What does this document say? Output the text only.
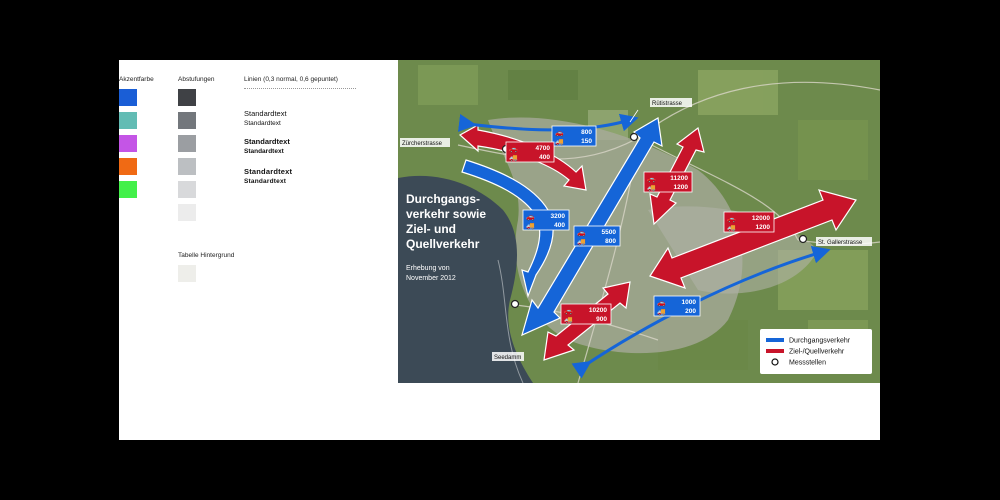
Akzentfarbe	Abstufungen
Tabelle Hintergrund
Linien (0,3 normal, 0,6 gepuntet)
Standardtext
Standardtext
Standardtext
Standardtext
Standardtext
Standardtext
Durchgangs-
verkehr sowie
Ziel- und
Quellverkehr
Erhebung von
November 2012
Rütistrasse
Zürcherstrasse
St. Gallerstrasse
Seedamm
🚗
🚚
800
150
🚗
🚚
4700
400
🚗
🚚
3200
400
🚗
🚚
5500
800
🚗
🚚
11200
1200
🚗
🚚
12000
1200
🚗
🚚
10200
900
🚗
🚚
1000
200
Durchgangsverkehr
Ziel-/Quellverkehr
Messstellen
